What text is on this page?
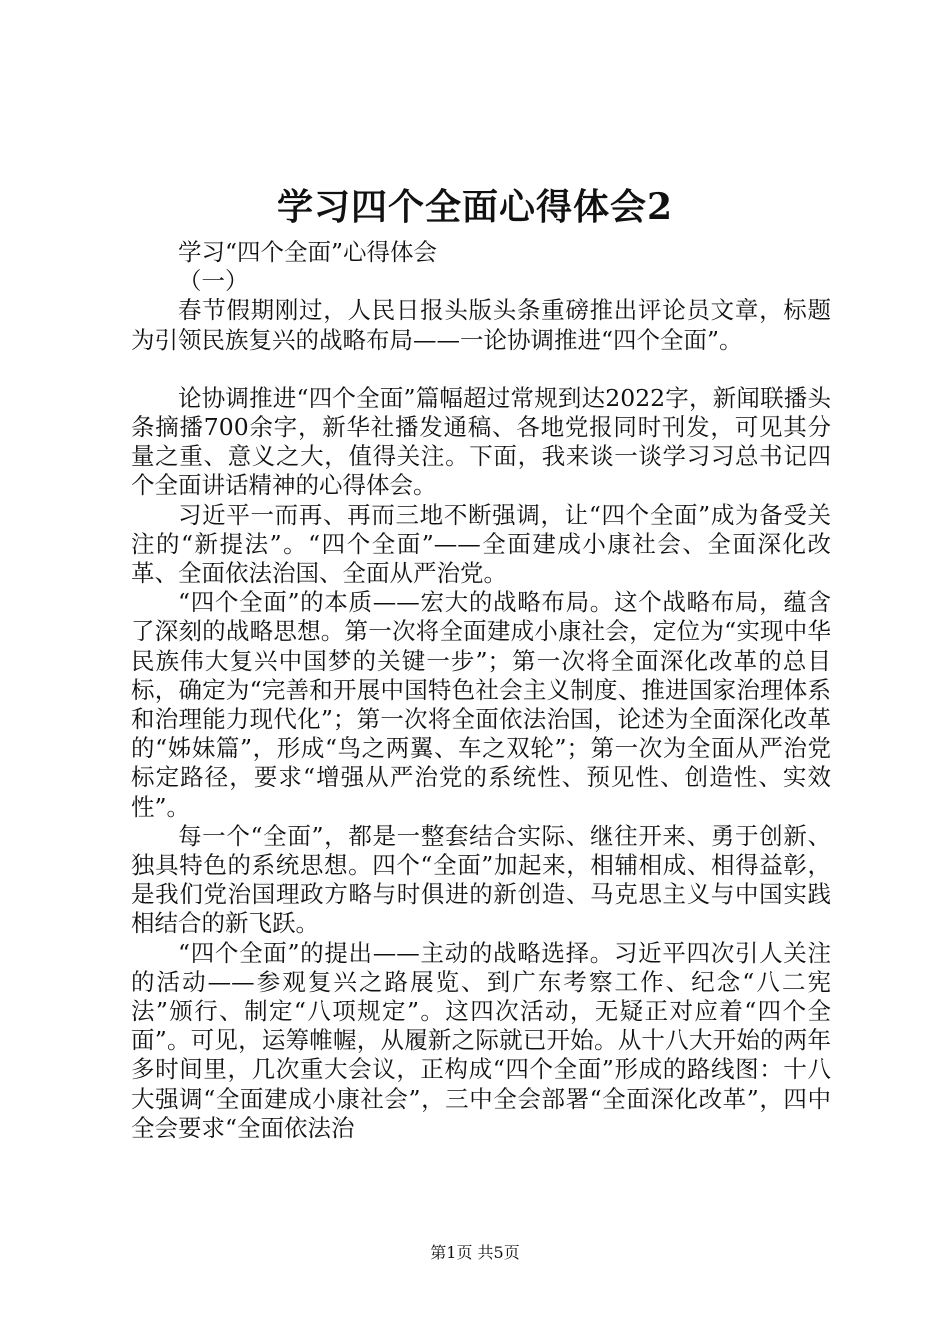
学习四个全面心得体会2

学习“四个全面”心得体会

（一）

春节假期刚过，人民日报头版头条重磅推出评论员文章，标题为引领民族复兴的战略布局——一论协调推进“四个全面”。

论协调推进“四个全面”篇幅超过常规到达2022字，新闻联播头条摘播700余字，新华社播发通稿、各地党报同时刊发，可见其分量之重、意义之大，值得关注。下面，我来谈一谈学习习总书记四个全面讲话精神的心得体会。

习近平一而再、再而三地不断强调，让“四个全面”成为备受关注的“新提法”。“四个全面”——全面建成小康社会、全面深化改革、全面依法治国、全面从严治党。

“四个全面”的本质——宏大的战略布局。这个战略布局，蕴含了深刻的战略思想。第一次将全面建成小康社会，定位为“实现中华民族伟大复兴中国梦的关键一步”；第一次将全面深化改革的总目标，确定为“完善和开展中国特色社会主义制度、推进国家治理体系和治理能力现代化”；第一次将全面依法治国，论述为全面深化改革的“姊妹篇”，形成“鸟之两翼、车之双轮”；第一次为全面从严治党标定路径，要求“增强从严治党的系统性、预见性、创造性、实效性”。

每一个“全面”，都是一整套结合实际、继往开来、勇于创新、独具特色的系统思想。四个“全面”加起来，相辅相成、相得益彰，是我们党治国理政方略与时俱进的新创造、马克思主义与中国实践相结合的新飞跃。

“四个全面”的提出——主动的战略选择。习近平四次引人关注的活动——参观复兴之路展览、到广东考察工作、纪念“八二宪法”颁行、制定“八项规定”。这四次活动，无疑正对应着“四个全面”。可见，运筹帷幄，从履新之际就已开始。从十八大开始的两年多时间里，几次重大会议，正构成“四个全面”形成的路线图：十八大强调“全面建成小康社会”，三中全会部署“全面深化改革”，四中全会要求“全面依法治

第1页 共5页
